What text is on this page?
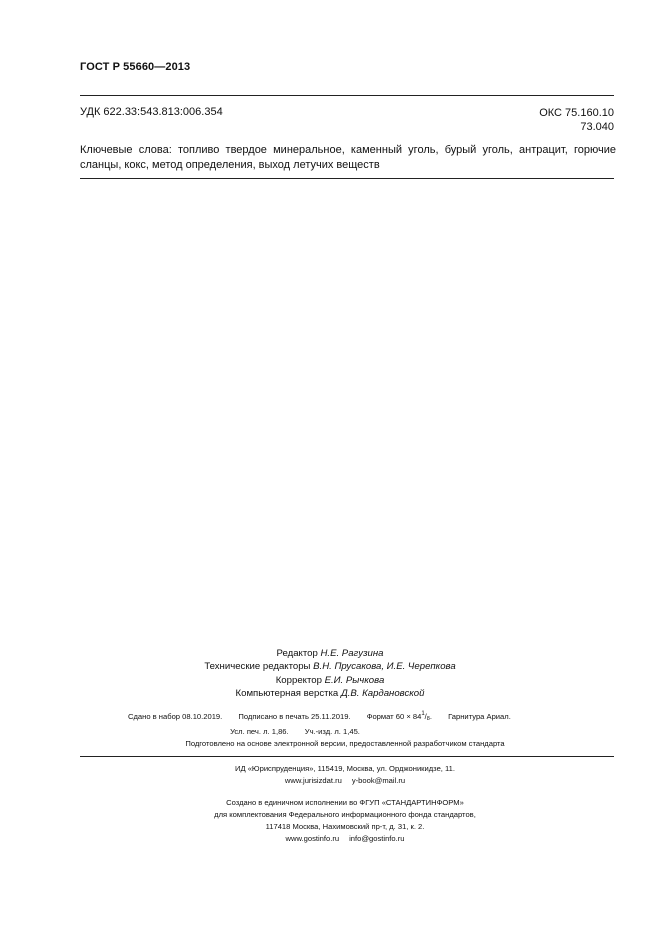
ГОСТ Р 55660—2013
УДК 622.33:543.813:006.354	ОКС 75.160.10
73.040
Ключевые слова: топливо твердое минеральное, каменный уголь, бурый уголь, антрацит, горючие сланцы, кокс, метод определения, выход летучих веществ
Редактор Н.Е. Рагузина
Технические редакторы В.Н. Прусакова, И.Е. Черепкова
Корректор Е.И. Рычкова
Компьютерная верстка Д.В. Кардановской
Сдано в набор 08.10.2019. Подписано в печать 25.11.2019. Формат $60 \times 84^1/_8$. Гарнитура Ариал.
Усл. печ. л. 1,86. Уч.-изд. л. 1,45.
Подготовлено на основе электронной версии, предоставленной разработчиком стандарта
ИД «Юриспруденция», 115419, Москва, ул. Орджоникидзе, 11.
www.jurisizdat.ru y-book@mail.ru
Создано в единичном исполнении во ФГУП «СТАНДАРТИНФОРМ»
для комплектования Федерального информационного фонда стандартов,
117418 Москва, Нахимовский пр-т, д. 31, к. 2.
www.gostinfo.ru info@gostinfo.ru
